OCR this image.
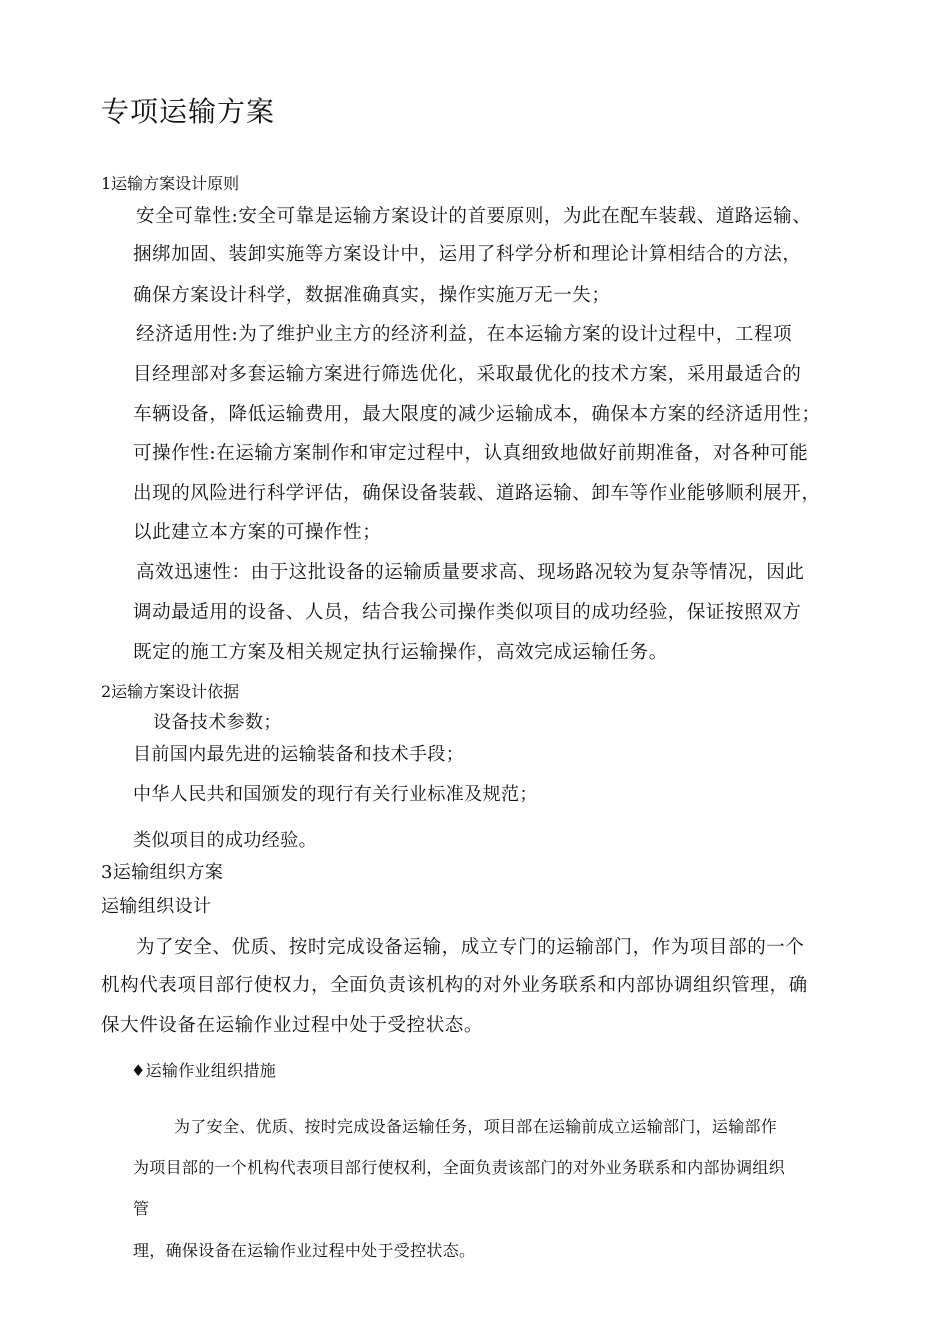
专项运输方案
1运输方案设计原则
安全可靠性:安全可靠是运输方案设计的首要原则，为此在配车装载、道路运输、
捆绑加固、装卸实施等方案设计中，运用了科学分析和理论计算相结合的方法，
确保方案设计科学，数据准确真实，操作实施万无一失；
经济适用性:为了维护业主方的经济利益，在本运输方案的设计过程中，工程项
目经理部对多套运输方案进行筛选优化，采取最优化的技术方案，采用最适合的
车辆设备，降低运输费用，最大限度的减少运输成本，确保本方案的经济适用性；
可操作性:在运输方案制作和审定过程中，认真细致地做好前期准备，对各种可能
出现的风险进行科学评估，确保设备装载、道路运输、卸车等作业能够顺利展开，
以此建立本方案的可操作性；
高效迅速性：由于这批设备的运输质量要求高、现场路况较为复杂等情况，因此
调动最适用的设备、人员，结合我公司操作类似项目的成功经验，保证按照双方
既定的施工方案及相关规定执行运输操作，高效完成运输任务。
2运输方案设计依据
设备技术参数；
目前国内最先进的运输装备和技术手段；
中华人民共和国颁发的现行有关行业标准及规范；
类似项目的成功经验。
3运输组织方案
运输组织设计
为了安全、优质、按时完成设备运输，成立专门的运输部门，作为项目部的一个
机构代表项目部行使权力，全面负责该机构的对外业务联系和内部协调组织管理，确
保大件设备在运输作业过程中处于受控状态。
♦运输作业组织措施
为了安全、优质、按时完成设备运输任务，项目部在运输前成立运输部门，运输部作
为项目部的一个机构代表项目部行使权利，全面负责该部门的对外业务联系和内部协调组织
管
理，确保设备在运输作业过程中处于受控状态。
